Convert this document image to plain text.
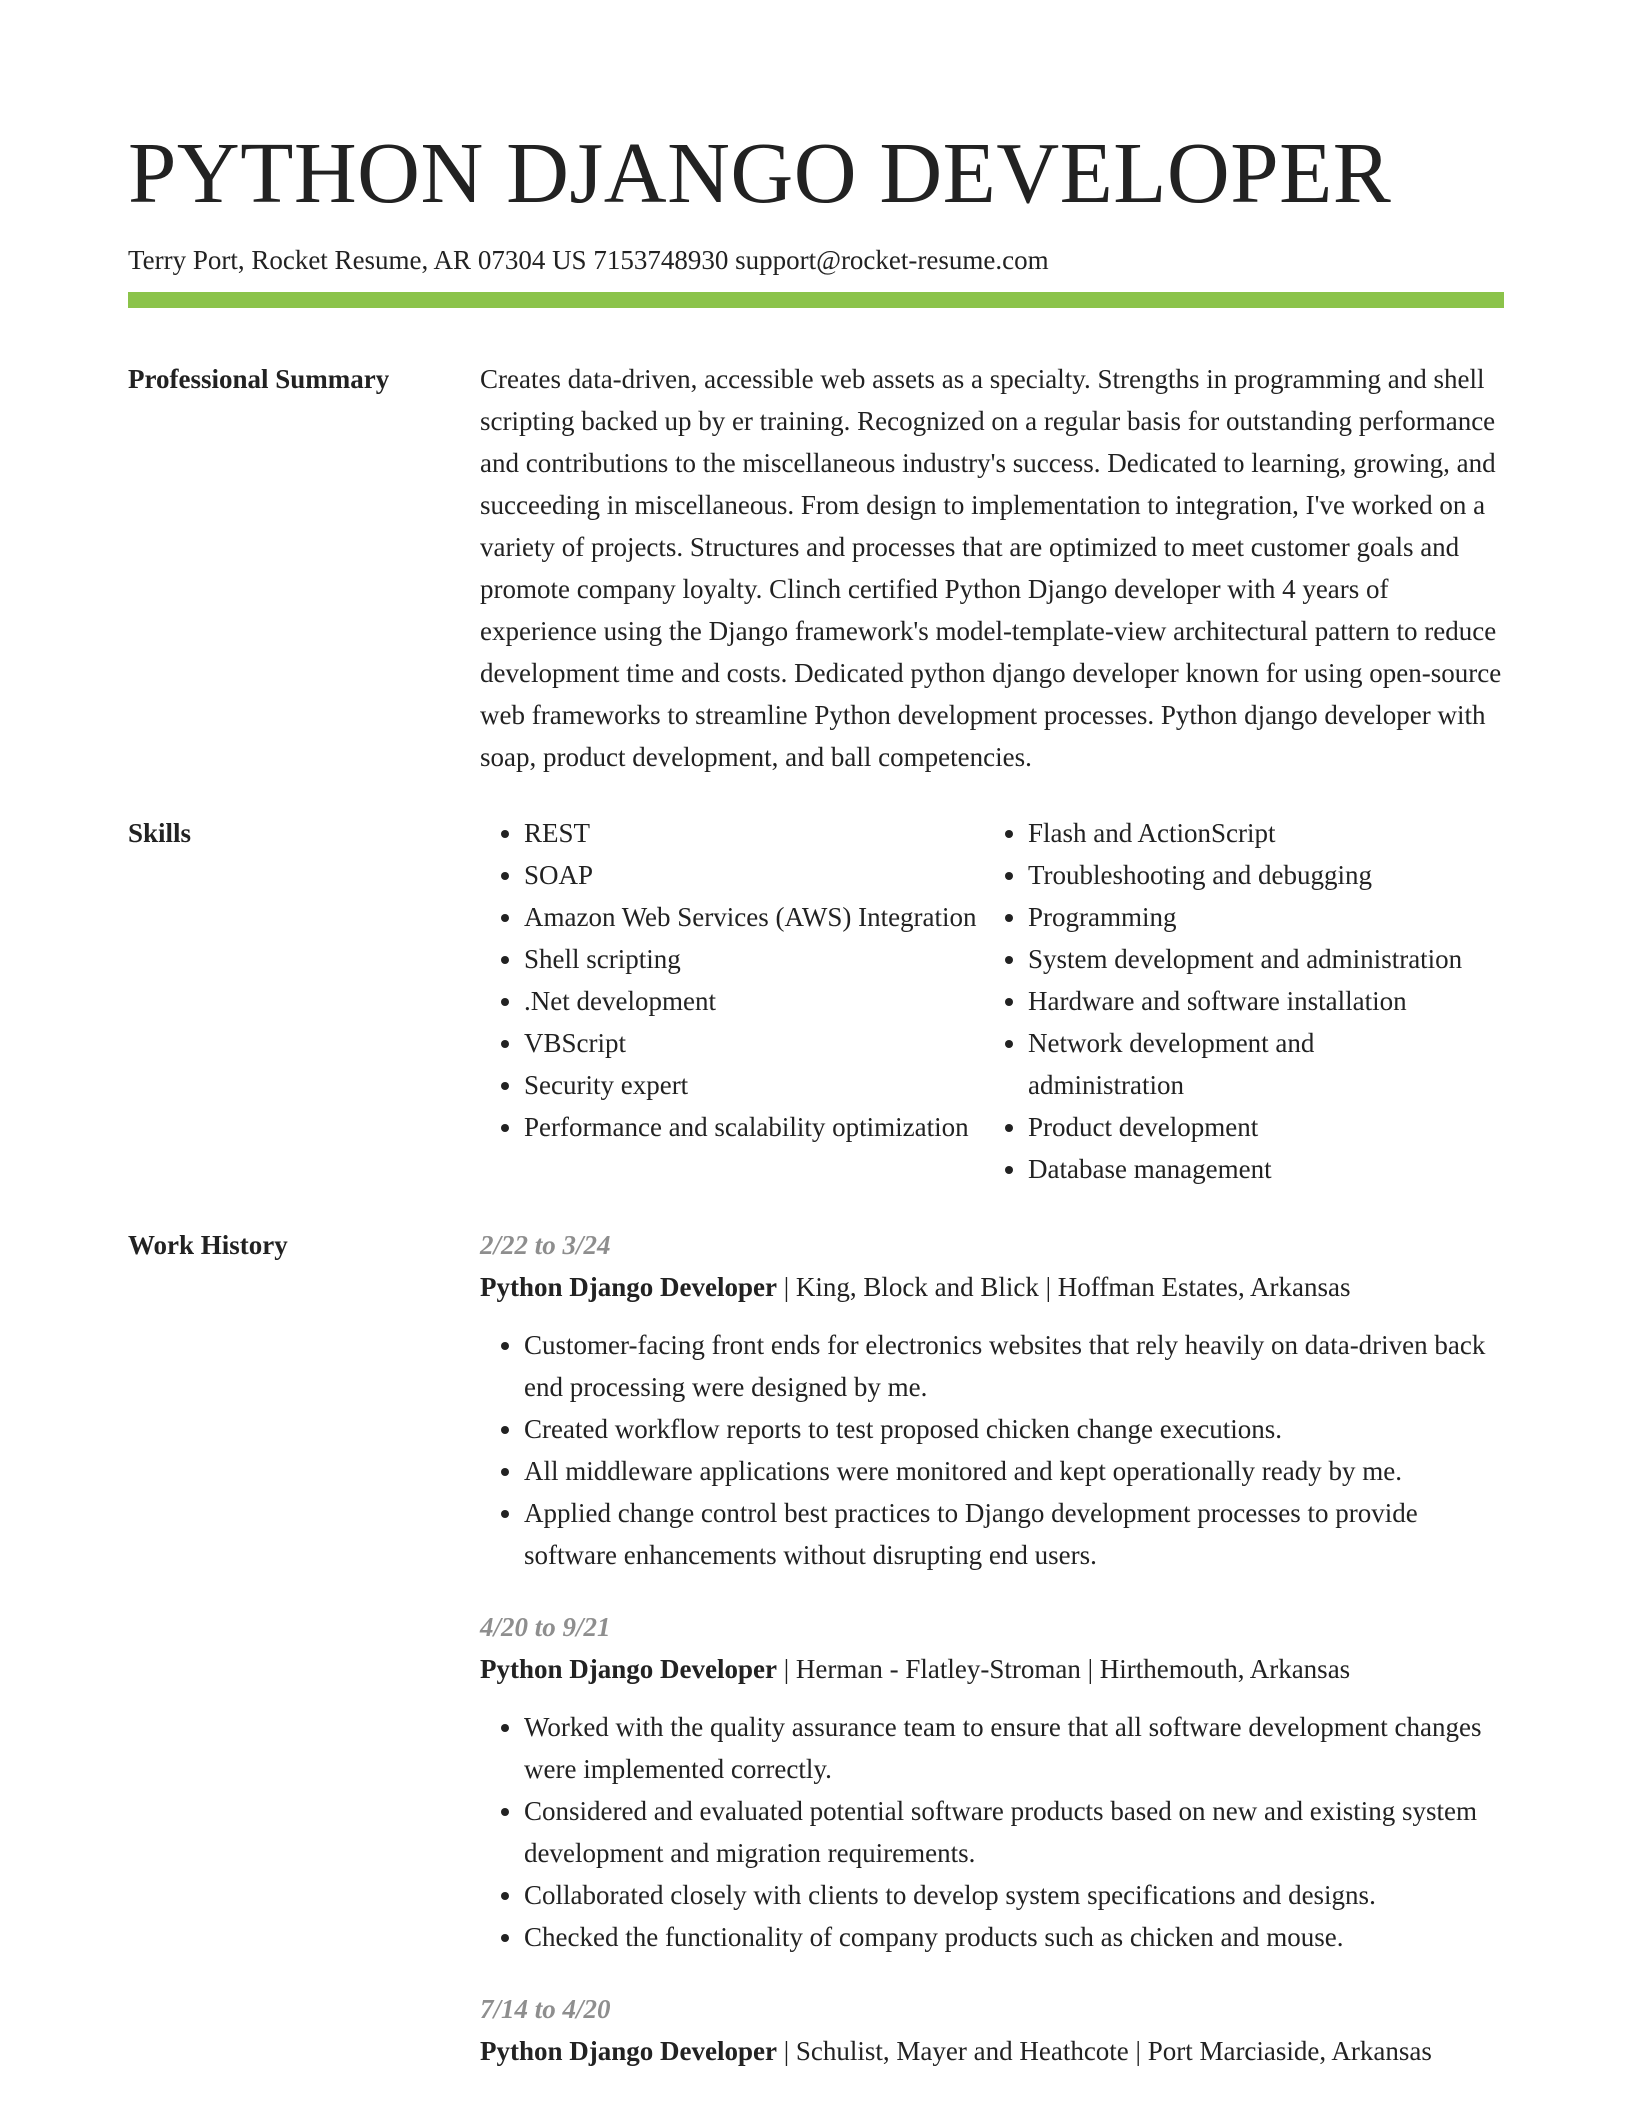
PYTHON DJANGO DEVELOPER
Terry Port, Rocket Resume, AR 07304 US 7153748930 support@rocket-resume.com
Professional Summary	Creates data-driven, accessible web assets as a specialty. Strengths in programming and shell scripting backed up by er training. Recognized on a regular basis for outstanding performance and contributions to the miscellaneous industry's success. Dedicated to learning, growing, and succeeding in miscellaneous. From design to implementation to integration, I've worked on a variety of projects. Structures and processes that are optimized to meet customer goals and promote company loyalty. Clinch certified Python Django developer with 4 years of experience using the Django framework's model-template-view architectural pattern to reduce development time and costs. Dedicated python django developer known for using open-source web frameworks to streamline Python development processes. Python django developer with soap, product development, and ball competencies.

Skills
•	REST
• SOAP
• Amazon Web Services (AWS) Integration
• Shell scripting
• .Net development
• VBScript
• Security expert
• Performance and scalability optimization
• Flash and ActionScript
• Troubleshooting and debugging
• Programming
• System development and administration
• Hardware and software installation
• Network development and administration
• Product development
• Database management
Work History	2/22 to 3/24
Python Django Developer | King, Block and Blick | Hoffman Estates, Arkansas
• Customer-facing front ends for electronics websites that rely heavily on data-driven back end processing were designed by me.
• Created workflow reports to test proposed chicken change executions.
• All middleware applications were monitored and kept operationally ready by me.
• Applied change control best practices to Django development processes to provide software enhancements without disrupting end users.
4/20 to 9/21
Python Django Developer | Herman - Flatley-Stroman | Hirthemouth, Arkansas
• Worked with the quality assurance team to ensure that all software development changes were implemented correctly.
• Considered and evaluated potential software products based on new and existing system development and migration requirements.
• Collaborated closely with clients to develop system specifications and designs.
• Checked the functionality of company products such as chicken and mouse.
7/14 to 4/20
Python Django Developer | Schulist, Mayer and Heathcote | Port Marciaside, Arkansas
